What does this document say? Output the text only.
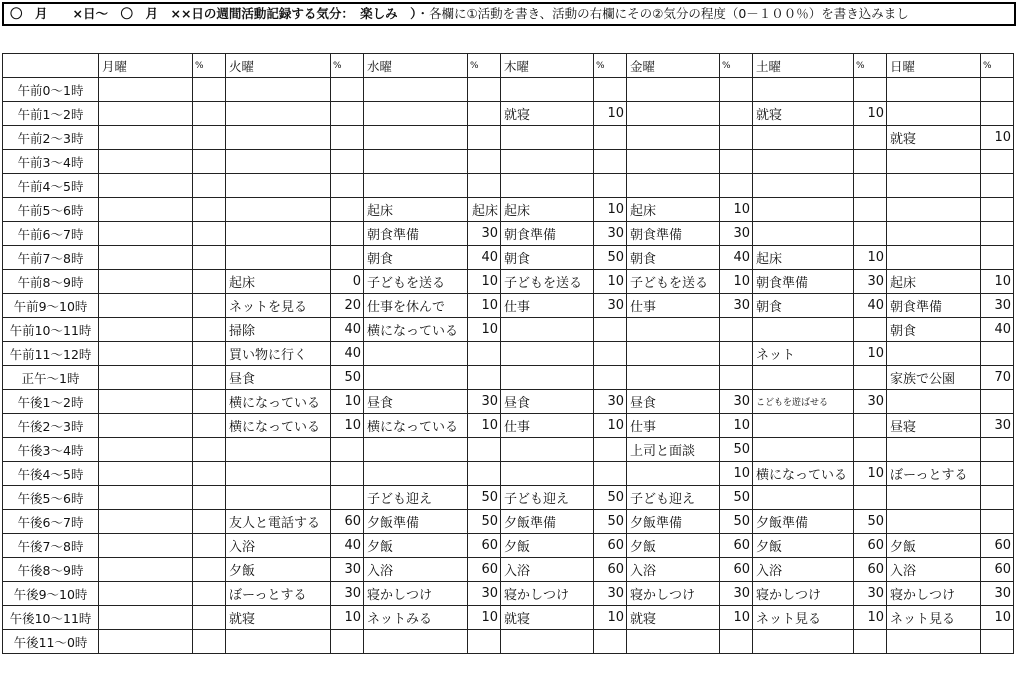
〇　月　　×日～　〇　月　××日の週間活動記録する気分：　楽しみ　）・各欄に①活動を書き、活動の右欄にその②気分の程度（0－１００％）を書き込みまし
	月曜	%	火曜	%	水曜	%	木曜	%	金曜	%	土曜	%	日曜	%
午前0～1時														
午前1～2時							就寝	10			就寝	10		
午前2～3時													就寝	10
午前3～4時														
午前4～5時														
午前5～6時					起床	起床	起床	10	起床	10				
午前6～7時					朝食準備	30	朝食準備	30	朝食準備	30				
午前7～8時					朝食	40	朝食	50	朝食	40	起床	10		
午前8～9時			起床	0	子どもを送る	10	子どもを送る	10	子どもを送る	10	朝食準備	30	起床	10
午前9～10時			ネットを見る	20	仕事を休んで	10	仕事	30	仕事	30	朝食	40	朝食準備	30
午前10～11時			掃除	40	横になっている	10							朝食	40
午前11～12時			買い物に行く	40							ネット	10		
正午～1時			昼食	50									家族で公園	70
午後1～2時			横になっている	10	昼食	30	昼食	30	昼食	30	こどもを遊ばせる	30		
午後2～3時			横になっている	10	横になっている	10	仕事	10	仕事	10			昼寝	30
午後3～4時									上司と面談	50				
午後4～5時										10	横になっている	10	ぼーっとする	
午後5～6時					子ども迎え	50	子ども迎え	50	子ども迎え	50				
午後6～7時			友人と電話する	60	夕飯準備	50	夕飯準備	50	夕飯準備	50	夕飯準備	50		
午後7～8時			入浴	40	夕飯	60	夕飯	60	夕飯	60	夕飯	60	夕飯	60
午後8～9時			夕飯	30	入浴	60	入浴	60	入浴	60	入浴	60	入浴	60
午後9～10時			ぼーっとする	30	寝かしつけ	30	寝かしつけ	30	寝かしつけ	30	寝かしつけ	30	寝かしつけ	30
午後10～11時			就寝	10	ネットみる	10	就寝	10	就寝	10	ネット見る	10	ネット見る	10
午後11～0時														
